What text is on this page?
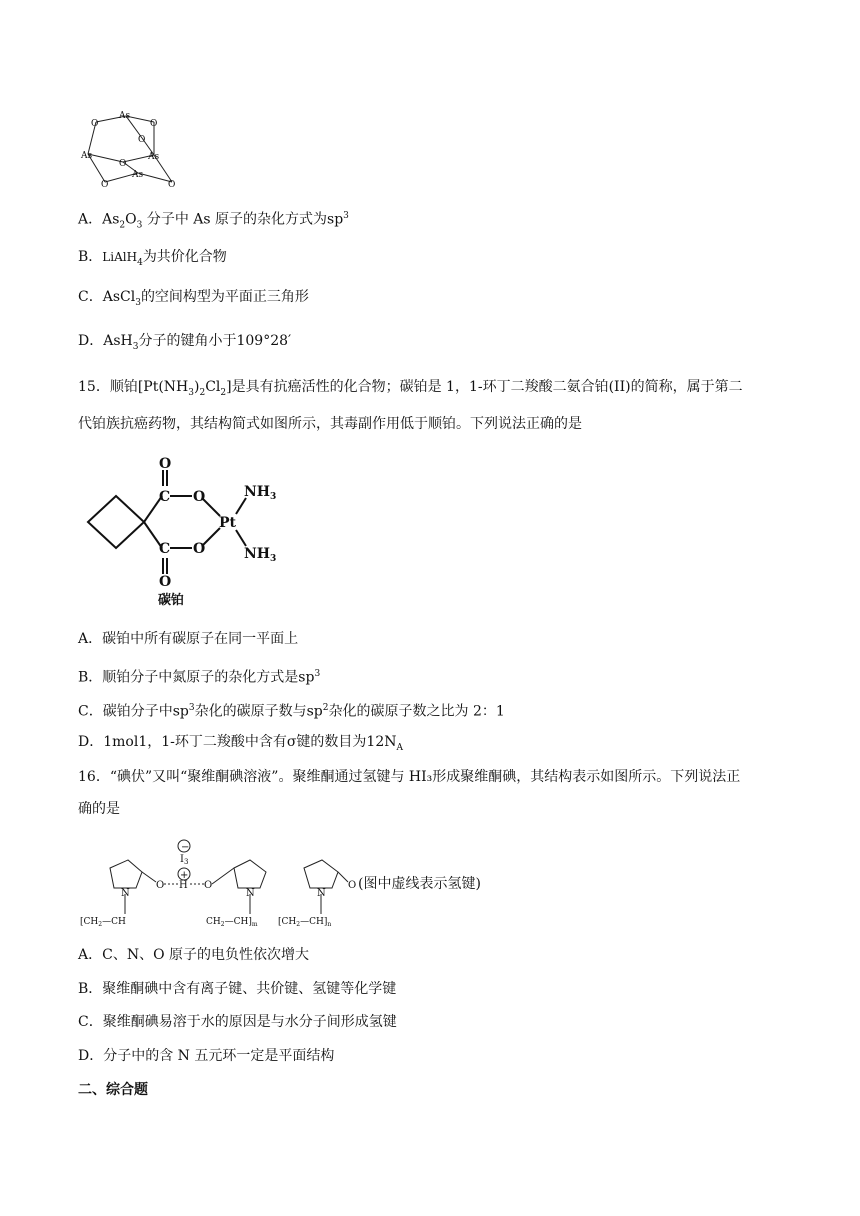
As
O
O
O
As
O
As
O
As
O
A．$As_2O_3$ 分子中 As 原子的杂化方式为$sp^3$
B．LiAlH$_4$为共价化合物
C．AsCl$_3$的空间构型为平面正三角形
D．AsH$_3$分子的键角小于109°28′
15．顺铂$[Pt(NH_3)_2Cl_2]$是具有抗癌活性的化合物；碳铂是 1，1-环丁二羧酸二氨合铂(II)的简称，属于第二
代铂族抗癌药物，其结构简式如图所示，其毒副作用低于顺铂。下列说法正确的是
O
C O
Pt
$NH_3$
$NH_3$
C O
O
碳铂
A．碳铂中所有碳原子在同一平面上
B．顺铂分子中氮原子的杂化方式是$sp^3$
C．碳铂分子中$sp^3$杂化的碳原子数与$sp^2$杂化的碳原子数之比为 2：1
D．1mol1，1-环丁二羧酸中含有σ键的数目为$12N_A$
16．“碘伏”又叫“聚维酮碘溶液”。聚维酮通过氢键与 HI₃形成聚维酮碘，其结构表示如图所示。下列说法正
确的是
−
+
$I_3$
N
O H O
N	N
O
[$CH_2—CH$	$CH_2—CH]_m$ $[CH_2—CH]_n$
(图中虚线表示氢键)
A．C、N、O 原子的电负性依次增大
B．聚维酮碘中含有离子键、共价键、氢键等化学键
C．聚维酮碘易溶于水的原因是与水分子间形成氢键
D．分子中的含 N 五元环一定是平面结构
二、综合题
